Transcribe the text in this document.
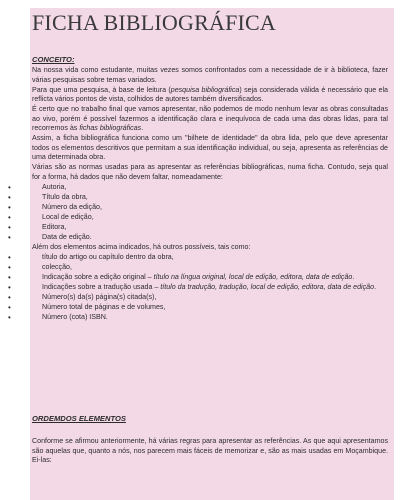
FICHA BIBLIOGRÁFICA
CONCEITO:

Na nossa vida como estudante, muitas vezes somos confrontados com a necessidade de ir à biblioteca, fazer várias pesquisas sobre temas variados.

Para que uma pesquisa, à base de leitura (pesquisa bibliográfica) seja considerada válida é necessário que ela reflicta vários pontos de vista, colhidos de autores também diversificados.

É certo que no trabalho final que vamos apresentar, não podemos de modo nenhum levar as obras consultadas ao vivo, porém é possível fazermos a identificação clara e inequívoca de cada uma das obras lidas, para tal recorremos às fichas bibliográficas.

Assim, a ficha bibliográfica funciona como um "bilhete de identidade" da obra lida, pelo que deve apresentar todos os elementos descritivos que permitam a sua identificação individual, ou seja, apresenta as referências de uma determinada obra.

Várias são as normas usadas para as apresentar as referências bibliográficas, numa ficha. Contudo, seja qual for a forma, há dados que não devem faltar, nomeadamente:

•	Autoria,
•	Título da obra,
•	Número da edição,
•	Local de edição,
•	Editora,
•	Data de edição.

Além dos elementos acima indicados, há outros possíveis, tais como:

•	título do artigo ou capítulo dentro da obra,
•	colecção,
•	Indicação sobre a edição original – título na língua original, local de edição, editora, data de edição.
•	Indicações sobre a tradução usada – título da tradução, tradução, local de edição, editora, data de edição.
•	Número(s) da(s) página(s) citada(s),
•	Número total de páginas e de volumes,
•	Número (cota) ISBN.
ORDEMDOS ELEMENTOS

Conforme se afirmou anteriormente, há várias regras para apresentar as referências. As que aqui apresentamos são aquelas que, quanto a nós, nos parecem mais fáceis de memorizar e, são as mais usadas em Moçambique. Ei-las:
